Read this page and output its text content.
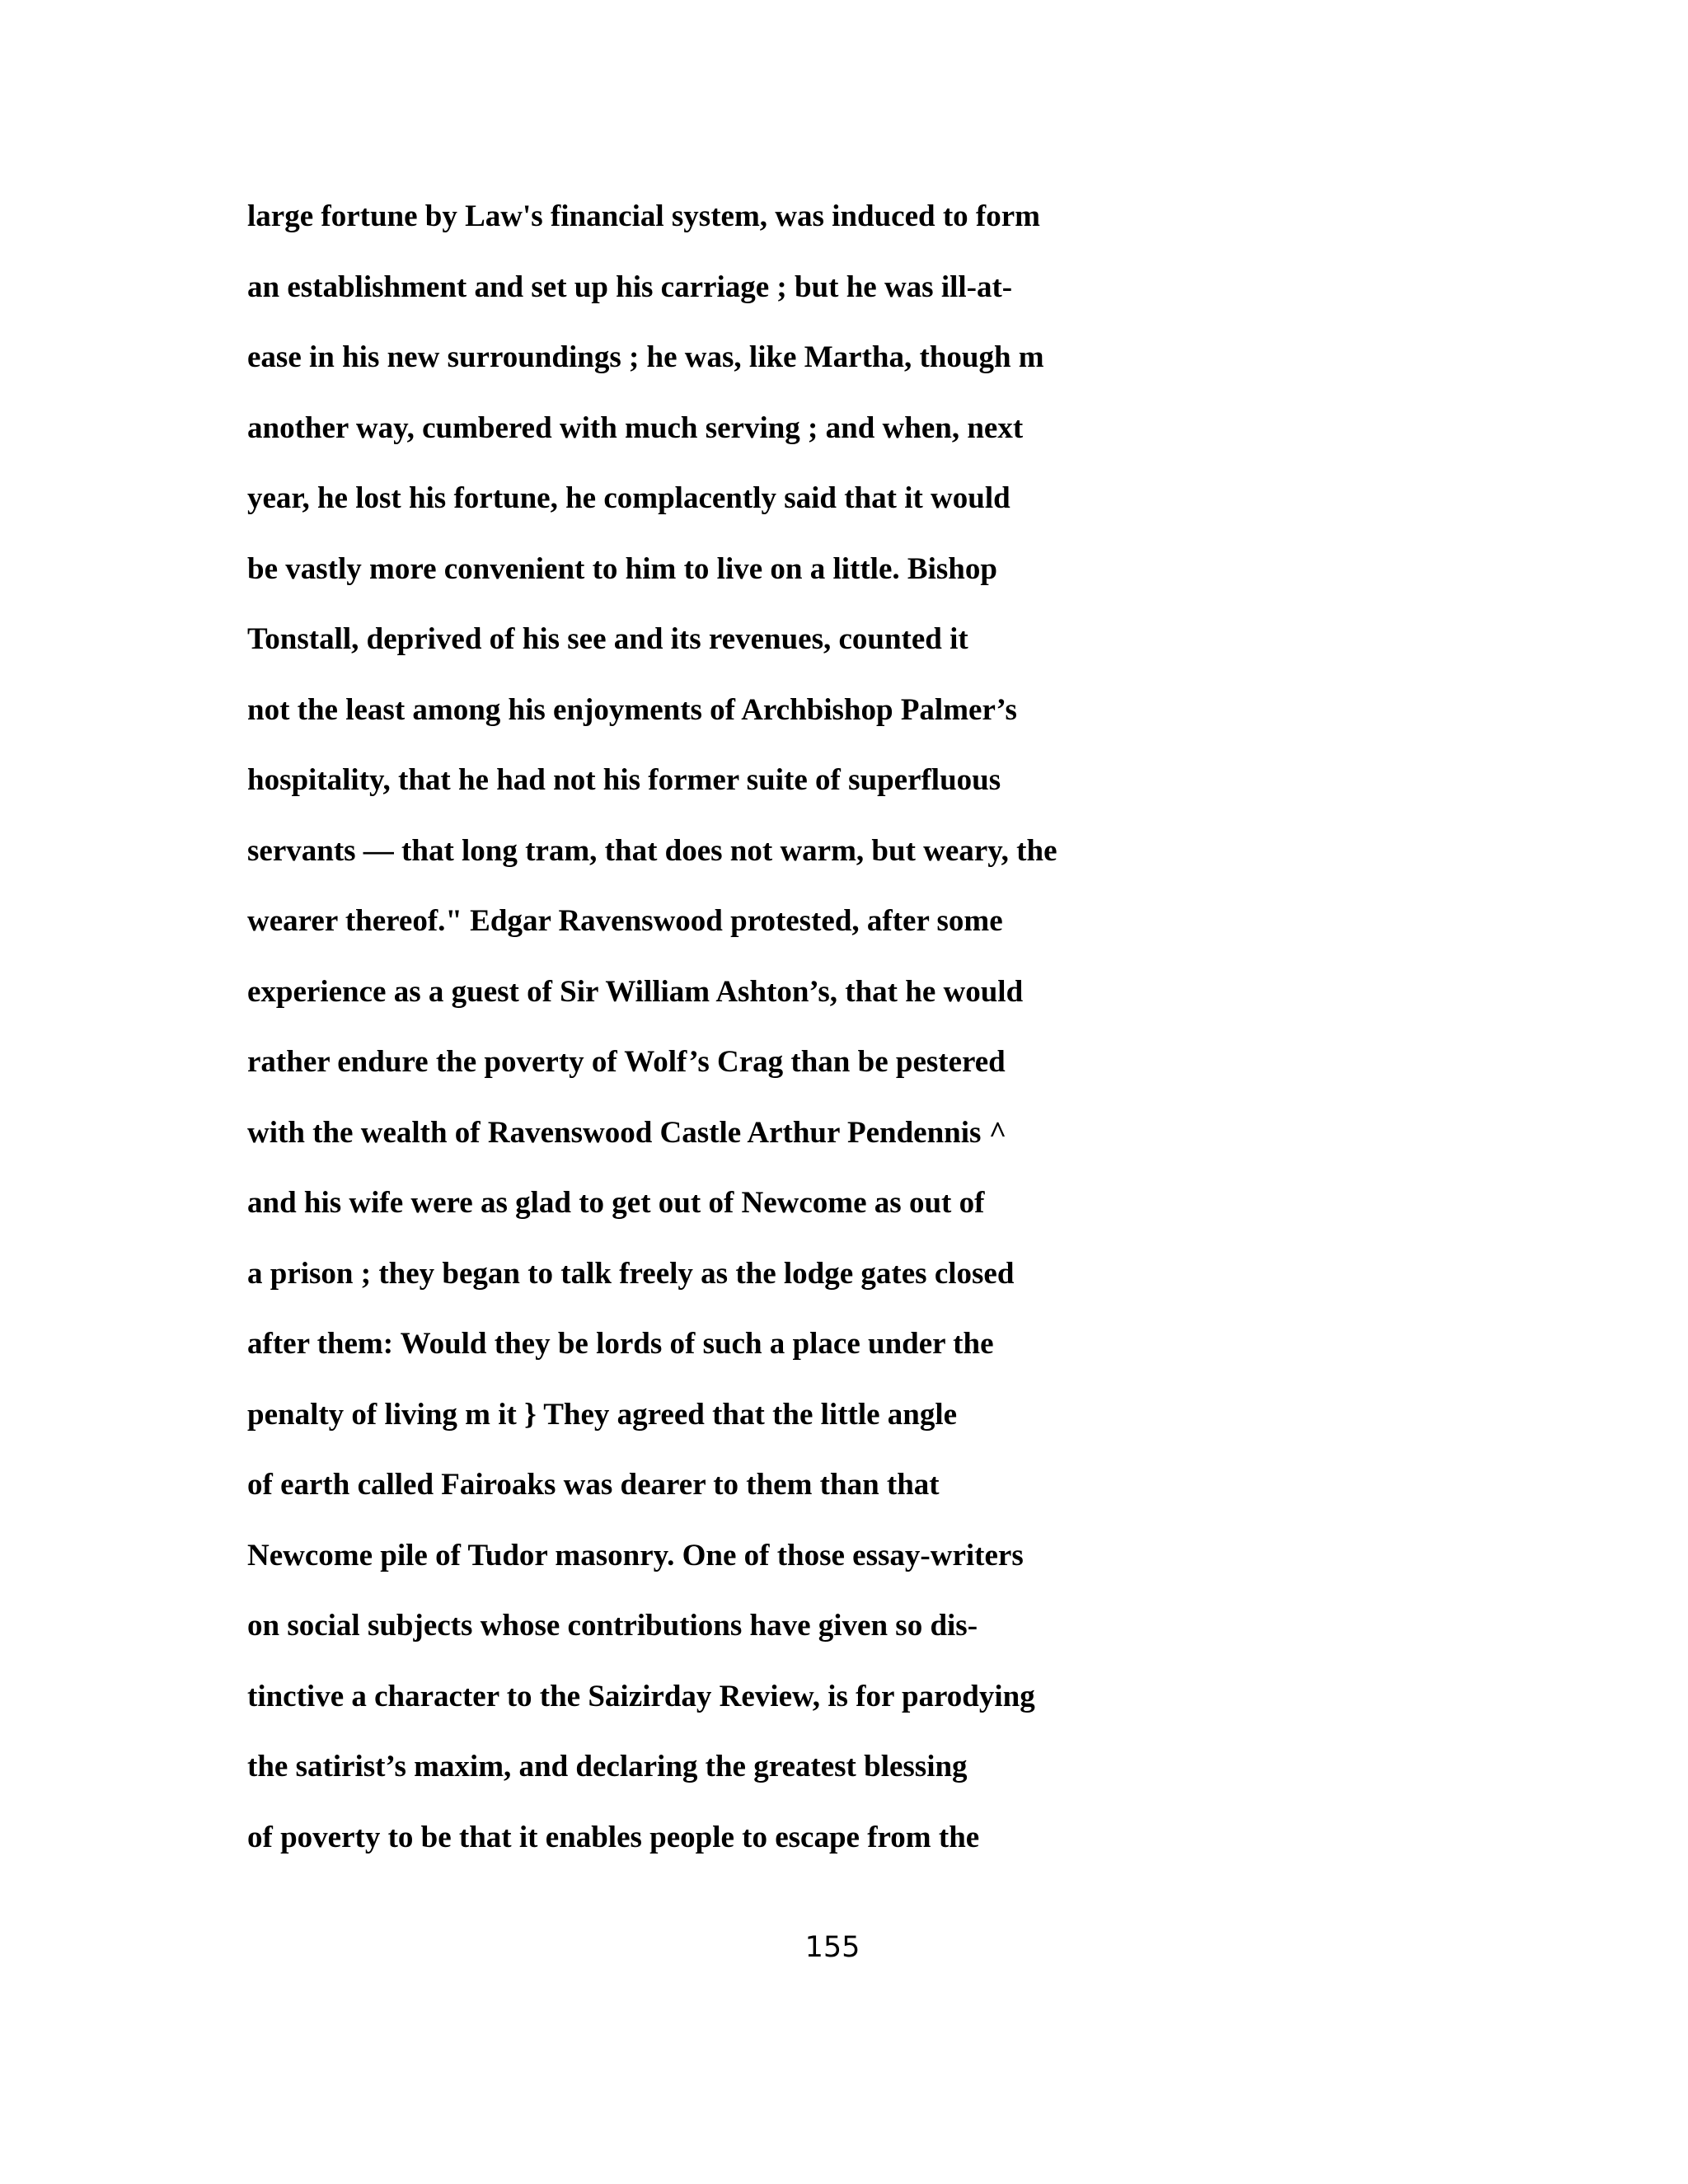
large fortune by Law's financial system, was induced to form
an establishment and set up his carriage ; but he was ill-at-
ease in his new surroundings ; he was, like Martha, though m
another way, cumbered with much serving ; and when, next
year, he lost his fortune, he complacently said that it would
be vastly more convenient to him to live on a little. Bishop
Tonstall, deprived of his see and its revenues, counted it
not the least among his enjoyments of Archbishop Palmer’s
hospitality, that he had not his former suite of superfluous
servants — that long tram, that does not warm, but weary, the
wearer thereof." Edgar Ravenswood protested, after some
experience as a guest of Sir William Ashton’s, that he would
rather endure the poverty of Wolf’s Crag than be pestered
with the wealth of Ravenswood Castle Arthur Pendennis ^
and his wife were as glad to get out of Newcome as out of
a prison ; they began to talk freely as the lodge gates closed
after them: Would they be lords of such a place under the
penalty of living m it } They agreed that the little angle
of earth called Fairoaks was dearer to them than that
Newcome pile of Tudor masonry. One of those essay-writers
on social subjects whose contributions have given so dis-
tinctive a character to the Saizirday Review, is for parodying
the satirist’s maxim, and declaring the greatest blessing
of poverty to be that it enables people to escape from the
155
